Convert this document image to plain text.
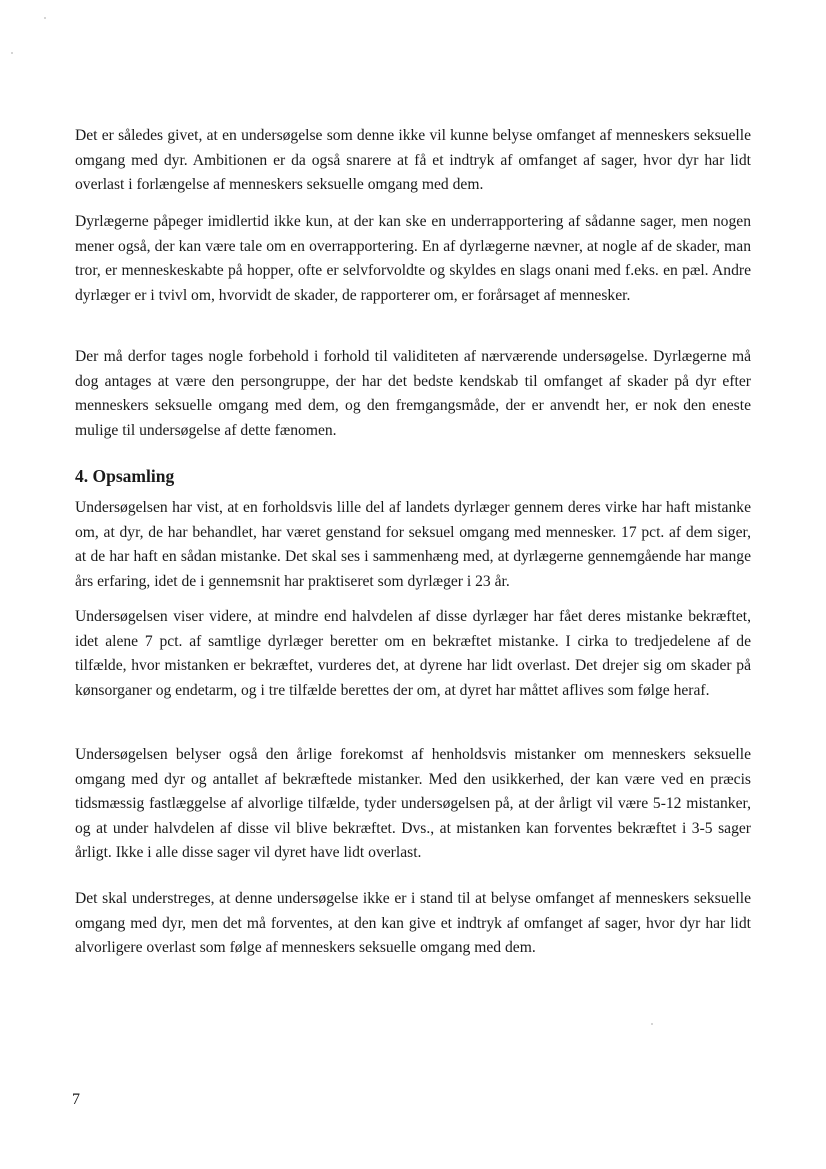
Det er således givet, at en undersøgelse som denne ikke vil kunne belyse omfanget af menneskers seksuelle omgang med dyr. Ambitionen er da også snarere at få et indtryk af omfanget af sager, hvor dyr har lidt overlast i forlængelse af menneskers seksuelle omgang med dem.

Dyrlægerne påpeger imidlertid ikke kun, at der kan ske en underrapportering af sådanne sager, men nogen mener også, der kan være tale om en overrapportering. En af dyrlægerne nævner, at nogle af de skader, man tror, er menneskeskabte på hopper, ofte er selvforvoldte og skyldes en slags onani med f.eks. en pæl. Andre dyrlæger er i tvivl om, hvorvidt de skader, de rapporterer om, er forårsaget af mennesker.

Der må derfor tages nogle forbehold i forhold til validiteten af nærværende undersøgelse. Dyrlægerne må dog antages at være den persongruppe, der har det bedste kendskab til omfanget af skader på dyr efter menneskers seksuelle omgang med dem, og den fremgangsmåde, der er anvendt her, er nok den eneste mulige til undersøgelse af dette fænomen.

4. Opsamling

Undersøgelsen har vist, at en forholdsvis lille del af landets dyrlæger gennem deres virke har haft mistanke om, at dyr, de har behandlet, har været genstand for seksuel omgang med mennesker. 17 pct. af dem siger, at de har haft en sådan mistanke. Det skal ses i sammenhæng med, at dyrlægerne gennemgående har mange års erfaring, idet de i gennemsnit har praktiseret som dyrlæger i 23 år.

Undersøgelsen viser videre, at mindre end halvdelen af disse dyrlæger har fået deres mistanke bekræftet, idet alene 7 pct. af samtlige dyrlæger beretter om en bekræftet mistanke. I cirka to tredjedelene af de tilfælde, hvor mistanken er bekræftet, vurderes det, at dyrene har lidt overlast. Det drejer sig om skader på kønsorganer og endetarm, og i tre tilfælde berettes der om, at dyret har måttet aflives som følge heraf.

Undersøgelsen belyser også den årlige forekomst af henholdsvis mistanker om menneskers seksuelle omgang med dyr og antallet af bekræftede mistanker. Med den usikkerhed, der kan være ved en præcis tidsmæssig fastlæggelse af alvorlige tilfælde, tyder undersøgelsen på, at der årligt vil være 5-12 mistanker, og at under halvdelen af disse vil blive bekræftet. Dvs., at mistanken kan forventes bekræftet i 3-5 sager årligt. Ikke i alle disse sager vil dyret have lidt overlast.

Det skal understreges, at denne undersøgelse ikke er i stand til at belyse omfanget af menneskers seksuelle omgang med dyr, men det må forventes, at den kan give et indtryk af omfanget af sager, hvor dyr har lidt alvorligere overlast som følge af menneskers seksuelle omgang med dem.

7
